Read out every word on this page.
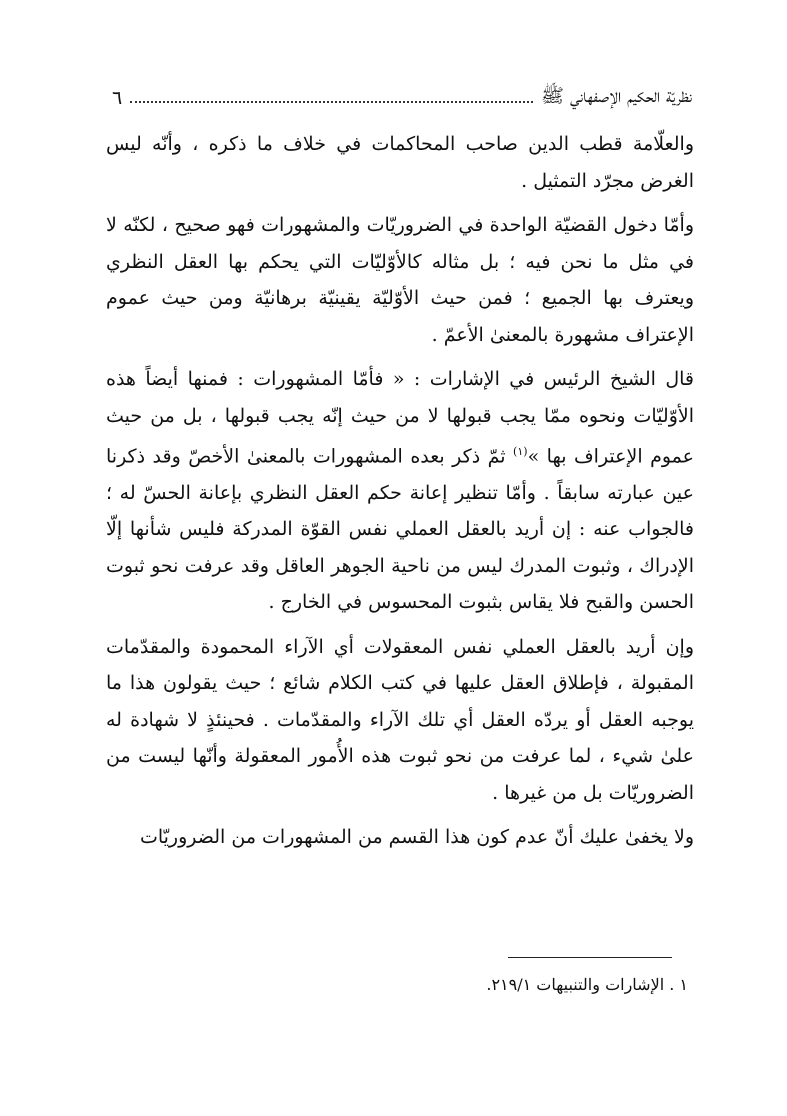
نظريّة الحكيم الإصفهاني ﷺ
٦

والعلّامة قطب الدين صاحب المحاكمات في خلاف ما ذكره ، وأنّه ليس الغرض مجرّد التمثيل .

وأمّا دخول القضيّة الواحدة في الضروريّات والمشهورات فهو صحيح ، لكنّه لا في مثل ما نحن فيه ؛ بل مثاله كالأوّليّات التي يحكم بها العقل النظري ويعترف بها الجميع ؛ فمن حيث الأوّليّة يقينيّة برهانيّة ومن حيث عموم الإعتراف مشهورة بالمعنىٰ الأعمّ .

قال الشيخ الرئيس في الإشارات : « فأمّا المشهورات : فمنها أيضاً هذه الأوّليّات ونحوه ممّا يجب قبولها لا من حيث إنّه يجب قبولها ، بل من حيث عموم الإعتراف بها »$^{(١)}$ ثمّ ذكر بعده المشهورات بالمعنىٰ الأخصّ وقد ذكرنا عين عبارته سابقاً . وأمّا تنظير إعانة حكم العقل النظري بإعانة الحسّ له ؛ فالجواب عنه : إن أريد بالعقل العملي نفس القوّة المدركة فليس شأنها إلّا الإدراك ، وثبوت المدرك ليس من ناحية الجوهر العاقل وقد عرفت نحو ثبوت الحسن والقبح فلا يقاس بثبوت المحسوس في الخارج .

وإن أريد بالعقل العملي نفس المعقولات أي الآراء المحمودة والمقدّمات المقبولة ، فإطلاق العقل عليها في كتب الكلام شائع ؛ حيث يقولون هذا ما يوجبه العقل أو يردّه العقل أي تلك الآراء والمقدّمات . فحينئذٍ لا شهادة له علىٰ شيء ، لما عرفت من نحو ثبوت هذه الأُمور المعقولة وأنّها ليست من الضروريّات بل من غيرها .

ولا يخفىٰ عليك أنّ عدم كون هذا القسم من المشهورات من الضروريّات

١ . الإشارات والتنبيهات ٢١٩/١.
